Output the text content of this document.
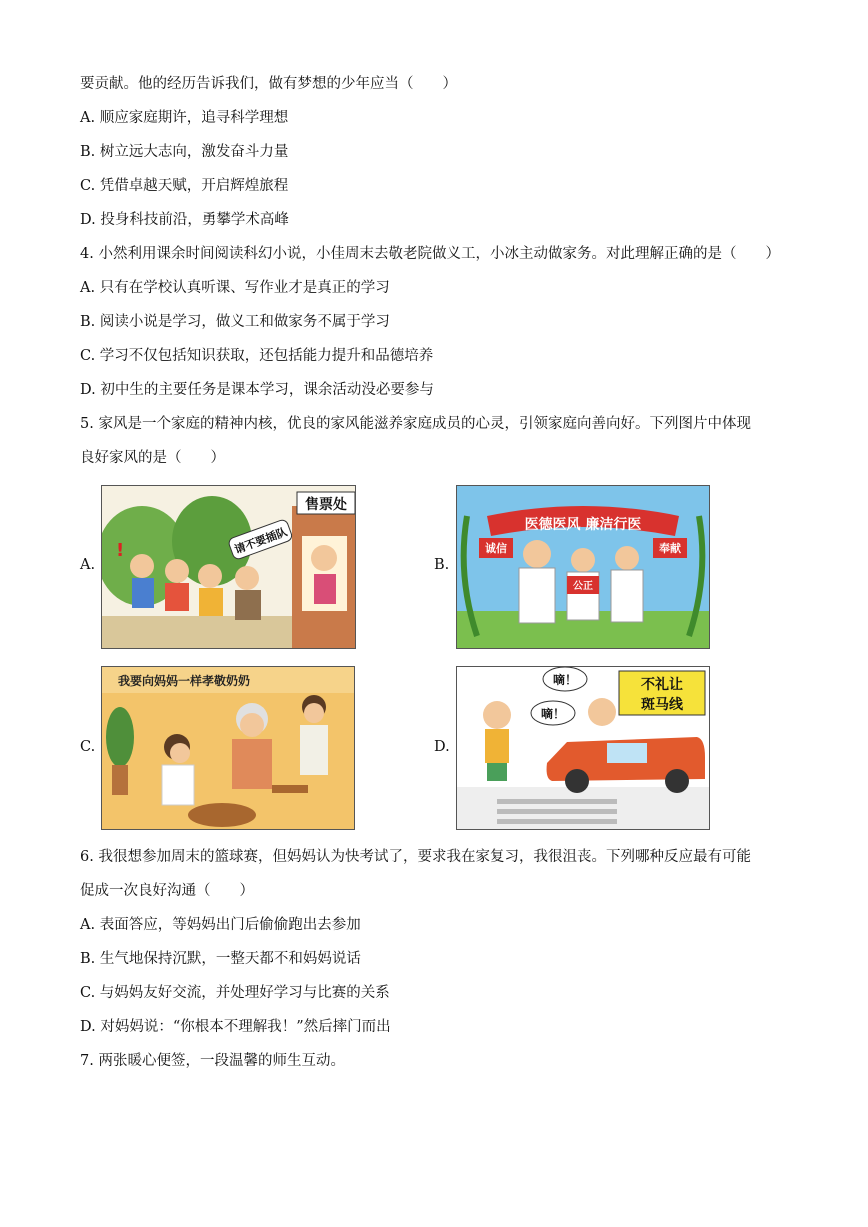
要贡献。他的经历告诉我们，做有梦想的少年应当（　　）
A. 顺应家庭期许，追寻科学理想
B. 树立远大志向，激发奋斗力量
C. 凭借卓越天赋，开启辉煌旅程
D. 投身科技前沿，勇攀学术高峰
4. 小然利用课余时间阅读科幻小说，小佳周末去敬老院做义工，小冰主动做家务。对此理解正确的是（　　）
A. 只有在学校认真听课、写作业才是真正的学习
B. 阅读小说是学习，做义工和做家务不属于学习
C. 学习不仅包括知识获取，还包括能力提升和品德培养
D. 初中生的主要任务是课本学习，课余活动没必要参与
5. 家风是一个家庭的精神内核，优良的家风能滋养家庭成员的心灵，引领家庭向善向好。下列图片中体现
良好家风的是（　　）
A.
售票处
请不要插队
!
B.
医德医风 廉洁行医
诚信
公正
奉献
C.
我要向妈妈一样孝敬奶奶
D.
不礼让
斑马线
嘀！
嘀！
6. 我很想参加周末的篮球赛，但妈妈认为快考试了，要求我在家复习，我很沮丧。下列哪种反应最有可能
促成一次良好沟通（　　）
A. 表面答应，等妈妈出门后偷偷跑出去参加
B. 生气地保持沉默，一整天都不和妈妈说话
C. 与妈妈友好交流，并处理好学习与比赛的关系
D. 对妈妈说：“你根本不理解我！”然后摔门而出
7. 两张暖心便签，一段温馨的师生互动。
